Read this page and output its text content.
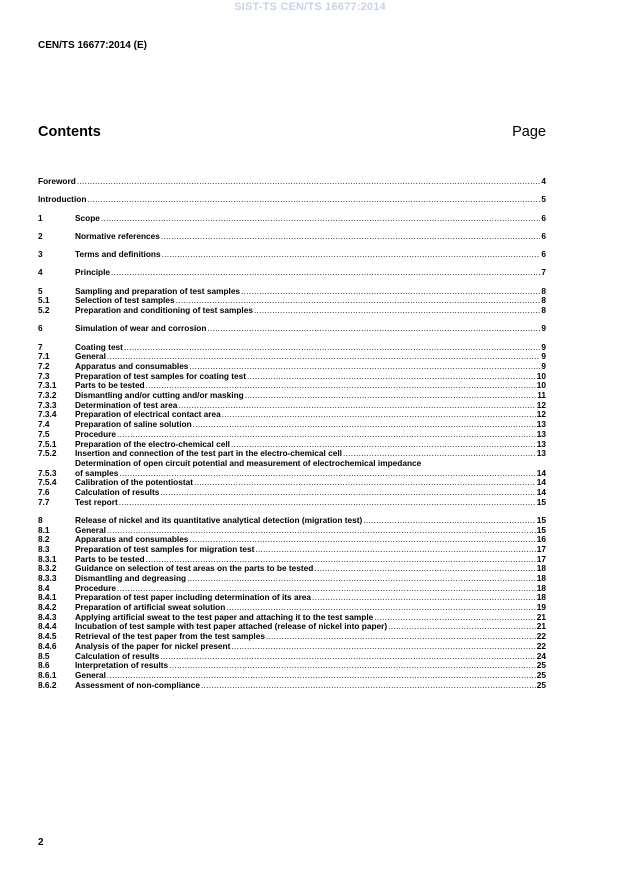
SIST-TS CEN/TS 16677:2014
CEN/TS 16677:2014 (E)
Contents	Page
Foreword .....	4
Introduction .....	5
1	Scope .....	6
2	Normative references .....	6
3	Terms and definitions .....	6
4	Principle .....	7
5	Sampling and preparation of test samples .....	8
5.1	Selection of test samples .....	8
5.2	Preparation and conditioning of test samples .....	8
6	Simulation of wear and corrosion .....	9
7	Coating test .....	9
7.1	General .....	9
7.2	Apparatus and consumables .....	9
7.3	Preparation of test samples for coating test .....	10
7.3.1	Parts to be tested .....	10
7.3.2	Dismantling and/or cutting and/or masking .....	11
7.3.3	Determination of test area .....	12
7.3.4	Preparation of electrical contact area .....	12
7.4	Preparation of saline solution .....	13
7.5	Procedure .....	13
7.5.1	Preparation of the electro-chemical cell .....	13
7.5.2	Insertion and connection of the test part in the electro-chemical cell .....	13
7.5.3
Determination of open circuit potential and measurement of electrochemical impedance
of samples .....	14
7.5.4	Calibration of the potentiostat .....	14
7.6	Calculation of results .....	14
7.7	Test report .....	15
8	Release of nickel and its quantitative analytical detection (migration test) .....	15
8.1	General .....	15
8.2	Apparatus and consumables .....	16
8.3	Preparation of test samples for migration test .....	17
8.3.1	Parts to be tested .....	17
8.3.2	Guidance on selection of test areas on the parts to be tested .....	18
8.3.3	Dismantling and degreasing .....	18
8.4	Procedure .....	18
8.4.1	Preparation of test paper including determination of its area .....	18
8.4.2	Preparation of artificial sweat solution .....	19
8.4.3	Applying artificial sweat to the test paper and attaching it to the test sample .....	21
8.4.4	Incubation of test sample with test paper attached (release of nickel into paper) .....	21
8.4.5	Retrieval of the test paper from the test samples .....	22
8.4.6	Analysis of the paper for nickel present .....	22
8.5	Calculation of results .....	24
8.6	Interpretation of results .....	25
8.6.1	General .....	25
8.6.2	Assessment of non-compliance .....	25
2
